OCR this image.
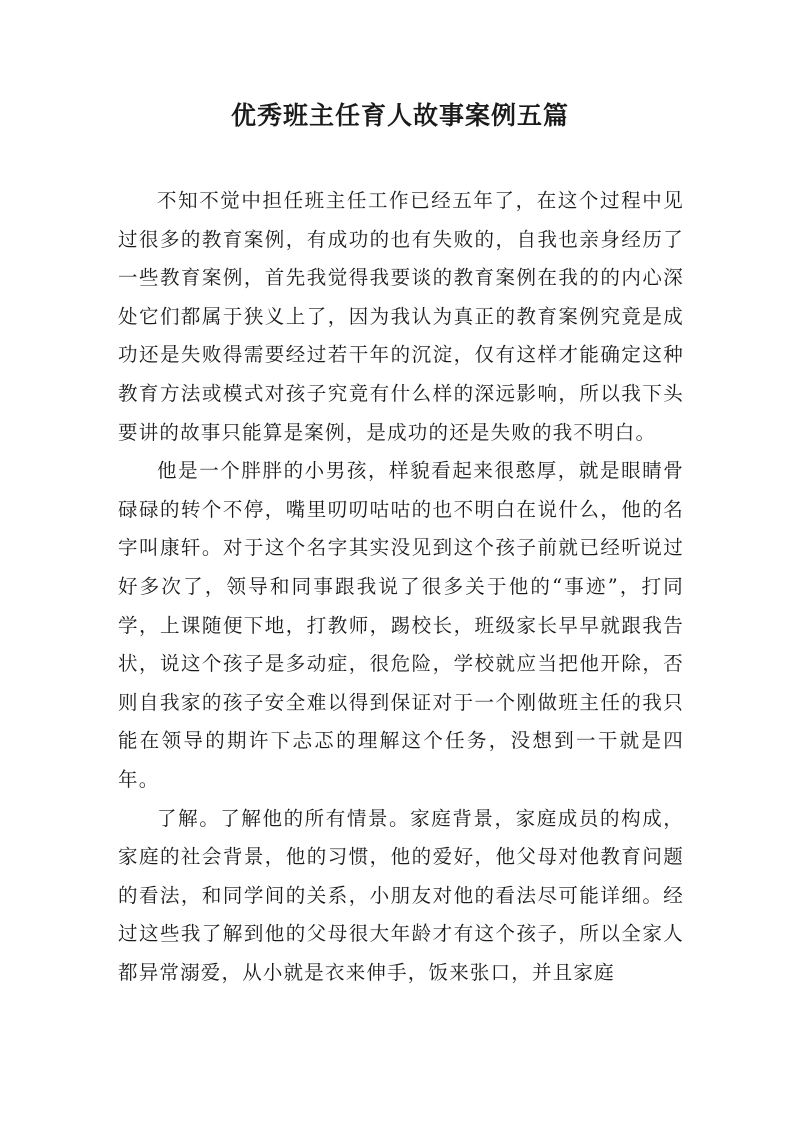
优秀班主任育人故事案例五篇

不知不觉中担任班主任工作已经五年了，在这个过程中见过很多的教育案例，有成功的也有失败的，自我也亲身经历了一些教育案例，首先我觉得我要谈的教育案例在我的的内心深处它们都属于狭义上了，因为我认为真正的教育案例究竟是成功还是失败得需要经过若干年的沉淀，仅有这样才能确定这种教育方法或模式对孩子究竟有什么样的深远影响，所以我下头要讲的故事只能算是案例，是成功的还是失败的我不明白。

他是一个胖胖的小男孩，样貌看起来很憨厚，就是眼睛骨碌碌的转个不停，嘴里叨叨咕咕的也不明白在说什么，他的名字叫康轩。对于这个名字其实没见到这个孩子前就已经听说过好多次了，领导和同事跟我说了很多关于他的“事迹”，打同学，上课随便下地，打教师，踢校长，班级家长早早就跟我告状，说这个孩子是多动症，很危险，学校就应当把他开除，否则自我家的孩子安全难以得到保证对于一个刚做班主任的我只能在领导的期许下忐忑的理解这个任务，没想到一干就是四年。

了解。了解他的所有情景。家庭背景，家庭成员的构成，家庭的社会背景，他的习惯，他的爱好，他父母对他教育问题的看法，和同学间的关系，小朋友对他的看法尽可能详细。经过这些我了解到他的父母很大年龄才有这个孩子，所以全家人都异常溺爱，从小就是衣来伸手，饭来张口，并且家庭
